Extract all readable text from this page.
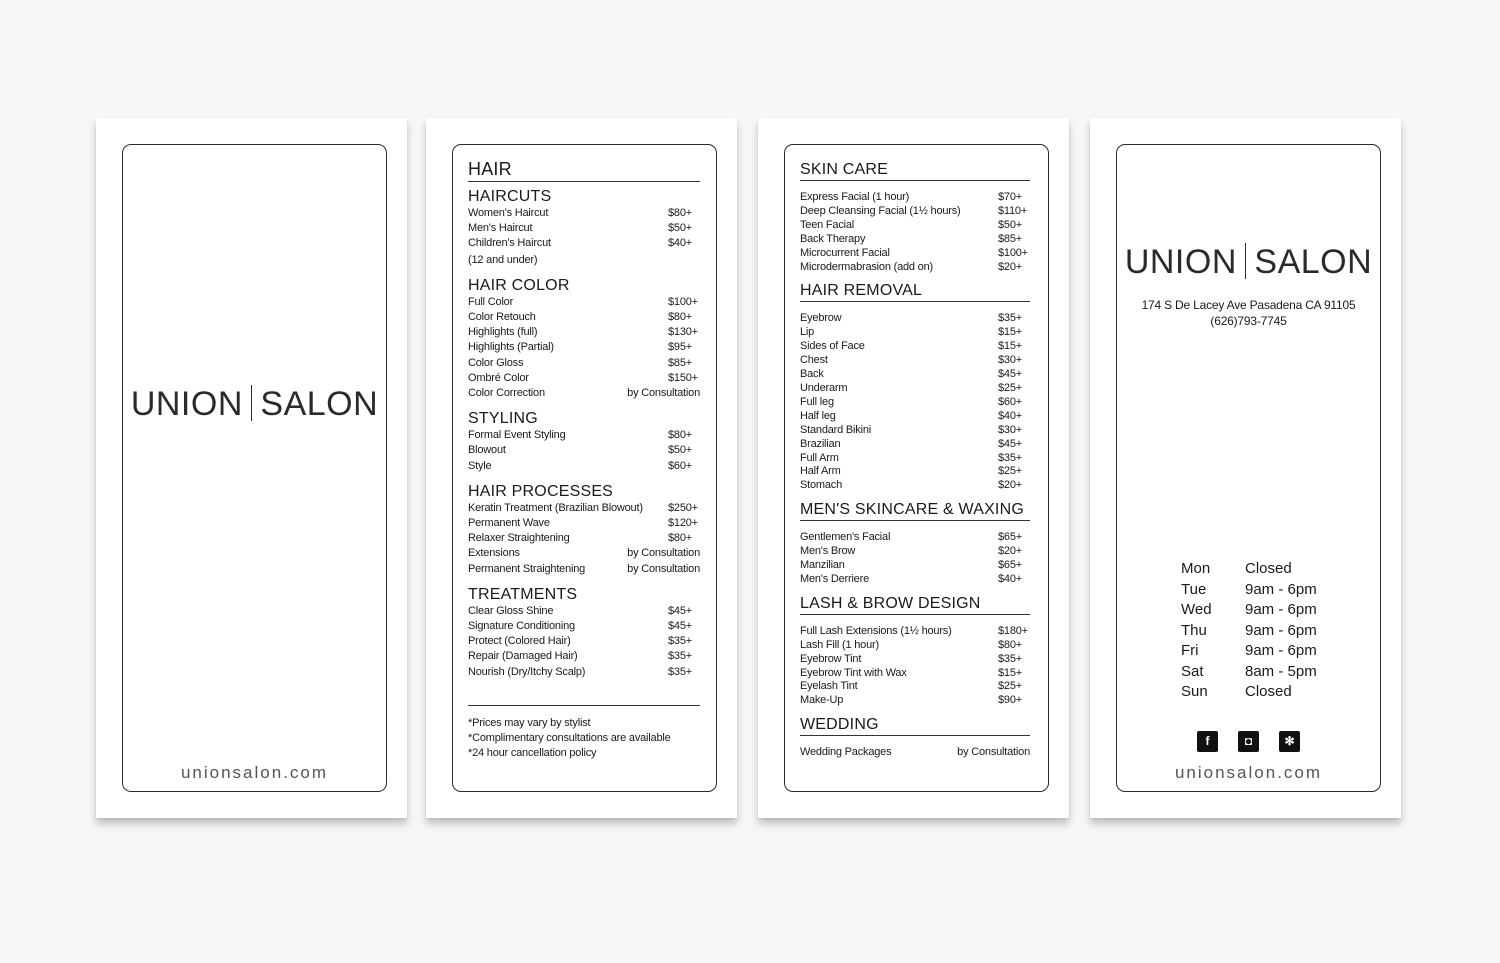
UNION SALON
unionsalon.com
HAIR
HAIRCUTS
Women's Haircut	$80+
Men's Haircut	$50+
Children's Haircut	$40+
(12 and under)
HAIR COLOR
Full Color	$100+
Color Retouch	$80+
Highlights (full)	$130+
Highlights (Partial)	$95+
Color Gloss	$85+
Ombré Color	$150+
Color Correction	by Consultation
STYLING
Formal Event Styling	$80+
Blowout	$50+
Style	$60+
HAIR PROCESSES
Keratin Treatment (Brazilian Blowout) $250+
Permanent Wave	$120+
Relaxer Straightening	$80+
Extensions	by Consultation
Permanent Straightening	by Consultation
TREATMENTS
Clear Gloss Shine	$45+
Signature Conditioning	$45+
Protect (Colored Hair)	$35+
Repair (Damaged Hair)	$35+
Nourish (Dry/Itchy Scalp)	$35+
*Prices may vary by stylist
*Complimentary consultations are available
*24 hour cancellation policy
SKIN CARE
Express Facial (1 hour)	$70+
Deep Cleansing Facial (1½ hours)	$110+
Teen Facial	$50+
Back Therapy	$85+
Microcurrent Facial	$100+
Microdermabrasion (add on)	$20+
HAIR REMOVAL
Eyebrow	$35+
Lip	$15+
Sides of Face	$15+
Chest	$30+
Back	$45+
Underarm	$25+
Full leg	$60+
Half leg	$40+
Standard Bikini	$30+
Brazilian	$45+
Full Arm	$35+
Half Arm	$25+
Stomach	$20+
MEN'S SKINCARE & WAXING
Gentlemen's Facial	$65+
Men's Brow	$20+
Manzilian	$65+
Men's Derriere	$40+
LASH & BROW DESIGN
Full Lash Extensions (1½ hours)	$180+
Lash Fill (1 hour)	$80+
Eyebrow Tint	$35+
Eyebrow Tint with Wax	$15+
Eyelash Tint	$25+
Make-Up	$90+
WEDDING
Wedding Packages	by Consultation
UNION SALON
174 S De Lacey Ave Pasadena CA 91105
(626)793-7745
Mon	Closed
Tue	9am - 6pm
Wed	9am - 6pm
Thu	9am - 6pm
Fri	9am - 6pm
Sat	8am - 5pm
Sun	Closed
f	◘	✻
unionsalon.com
